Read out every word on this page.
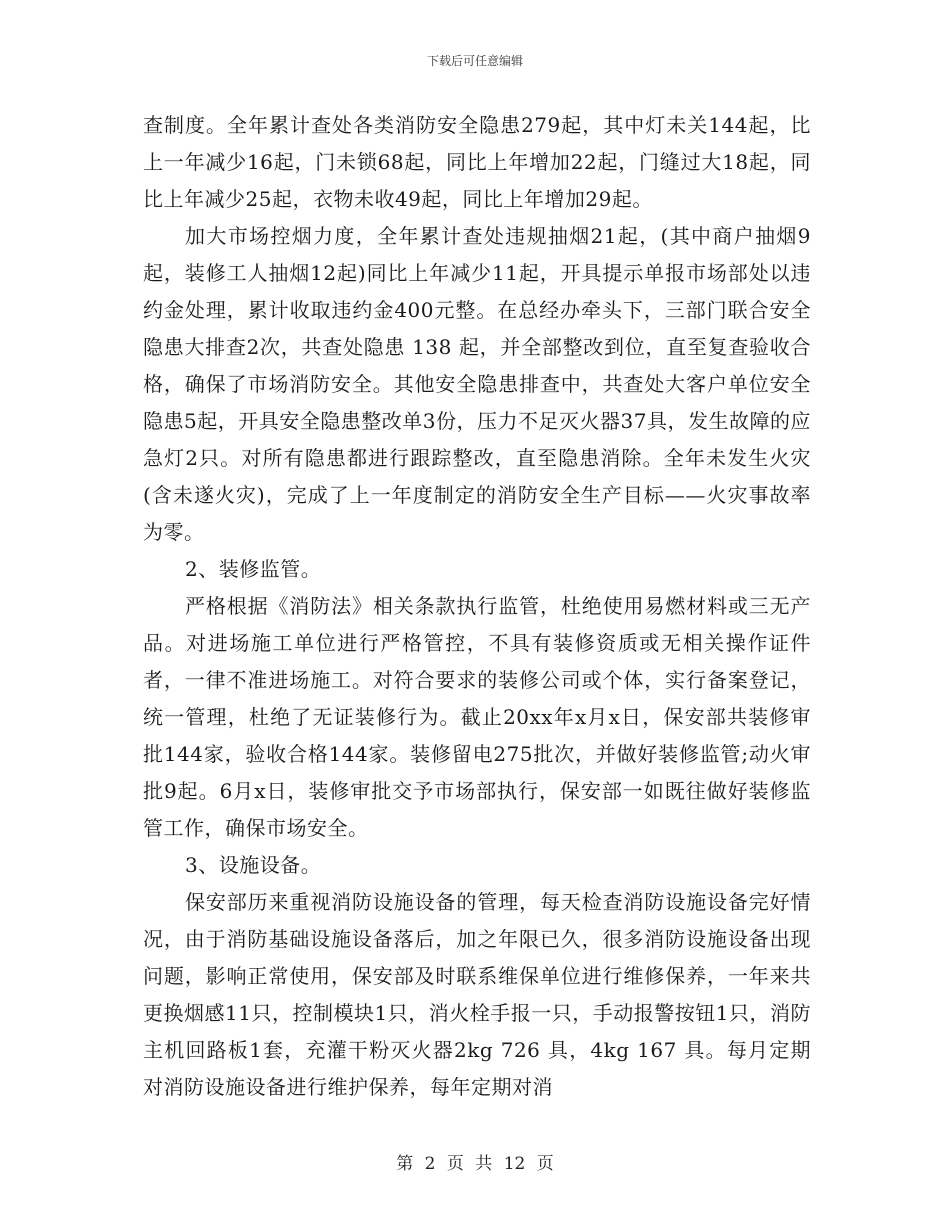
下载后可任意编辑

查制度。全年累计查处各类消防安全隐患279起，其中灯未关144起，比上一年减少16起，门未锁68起，同比上年增加22起，门缝过大18起，同比上年减少25起，衣物未收49起，同比上年增加29起。

加大市场控烟力度，全年累计查处违规抽烟21起，(其中商户抽烟9起，装修工人抽烟12起)同比上年减少11起，开具提示单报市场部处以违约金处理，累计收取违约金400元整。在总经办牵头下，三部门联合安全隐患大排查2次，共查处隐患 138 起，并全部整改到位，直至复查验收合格，确保了市场消防安全。其他安全隐患排查中，共查处大客户单位安全隐患5起，开具安全隐患整改单3份，压力不足灭火器37具，发生故障的应急灯2只。对所有隐患都进行跟踪整改，直至隐患消除。全年未发生火灾(含未遂火灾)，完成了上一年度制定的消防安全生产目标——火灾事故率为零。

2、装修监管。

严格根据《消防法》相关条款执行监管，杜绝使用易燃材料或三无产品。对进场施工单位进行严格管控，不具有装修资质或无相关操作证件者，一律不准进场施工。对符合要求的装修公司或个体，实行备案登记，统一管理，杜绝了无证装修行为。截止20xx年x月x日，保安部共装修审批144家，验收合格144家。装修留电275批次，并做好装修监管;动火审批9起。6月x日，装修审批交予市场部执行，保安部一如既往做好装修监管工作，确保市场安全。

3、设施设备。

保安部历来重视消防设施设备的管理，每天检查消防设施设备完好情况，由于消防基础设施设备落后，加之年限已久，很多消防设施设备出现问题，影响正常使用，保安部及时联系维保单位进行维修保养，一年来共更换烟感11只，控制模块1只，消火栓手报一只，手动报警按钮1只，消防主机回路板1套，充灌干粉灭火器2kg 726 具，4kg 167 具。每月定期对消防设施设备进行维护保养，每年定期对消

第 2 页 共 12 页
